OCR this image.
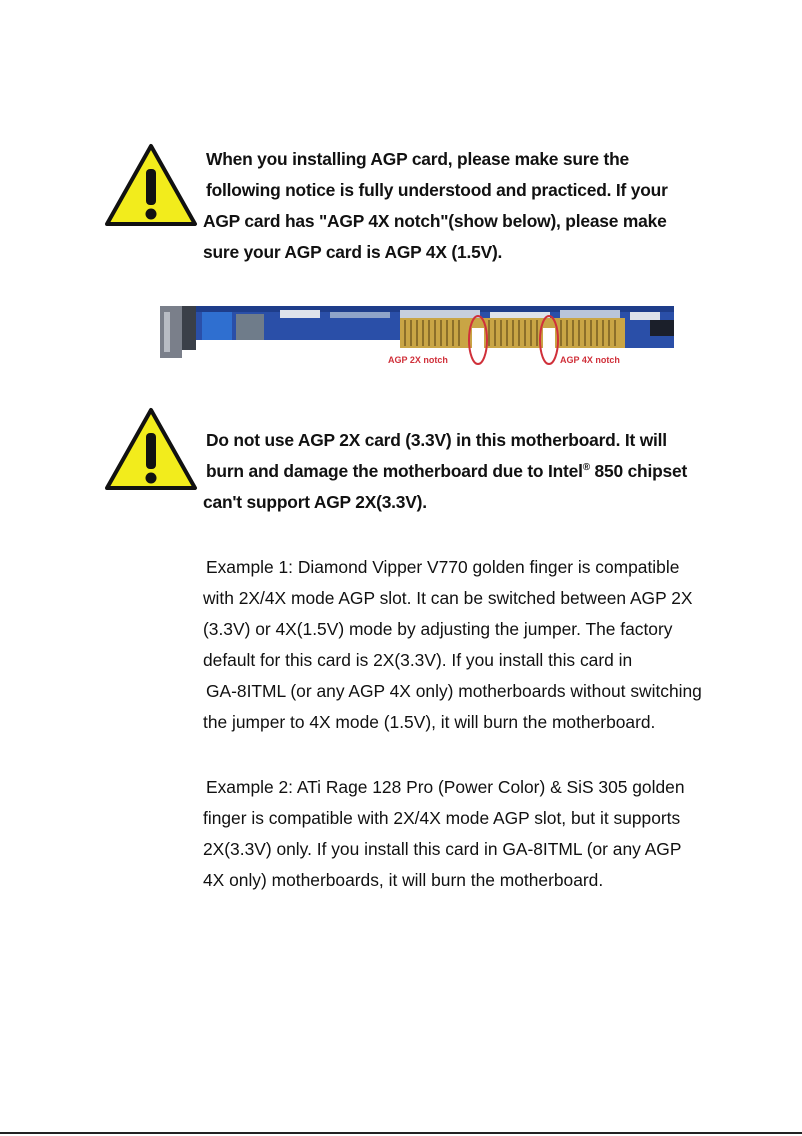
When you installing AGP card, please make sure the
following notice is fully understood and practiced. If your
AGP card has "AGP 4X notch"(show below), please make
sure your AGP card is AGP 4X (1.5V).
AGP 2X notch	AGP 4X notch
Do not use AGP 2X card (3.3V) in this motherboard. It will
burn and damage the motherboard due to Intel® 850 chipset
can't support AGP 2X(3.3V).
Example 1: Diamond Vipper V770 golden finger is compatible
with 2X/4X mode AGP slot. It can be switched between AGP 2X
(3.3V) or 4X(1.5V) mode by adjusting the jumper. The factory
default for this card is 2X(3.3V). If you install this card in
GA-8ITML (or any AGP 4X only) motherboards without switching
the jumper to 4X mode (1.5V), it will burn the motherboard.
Example 2: ATi Rage 128 Pro (Power Color) & SiS 305 golden
finger is compatible with 2X/4X mode AGP slot, but it supports
2X(3.3V) only. If you install this card in GA-8ITML (or any AGP
4X only) motherboards, it will burn the motherboard.
